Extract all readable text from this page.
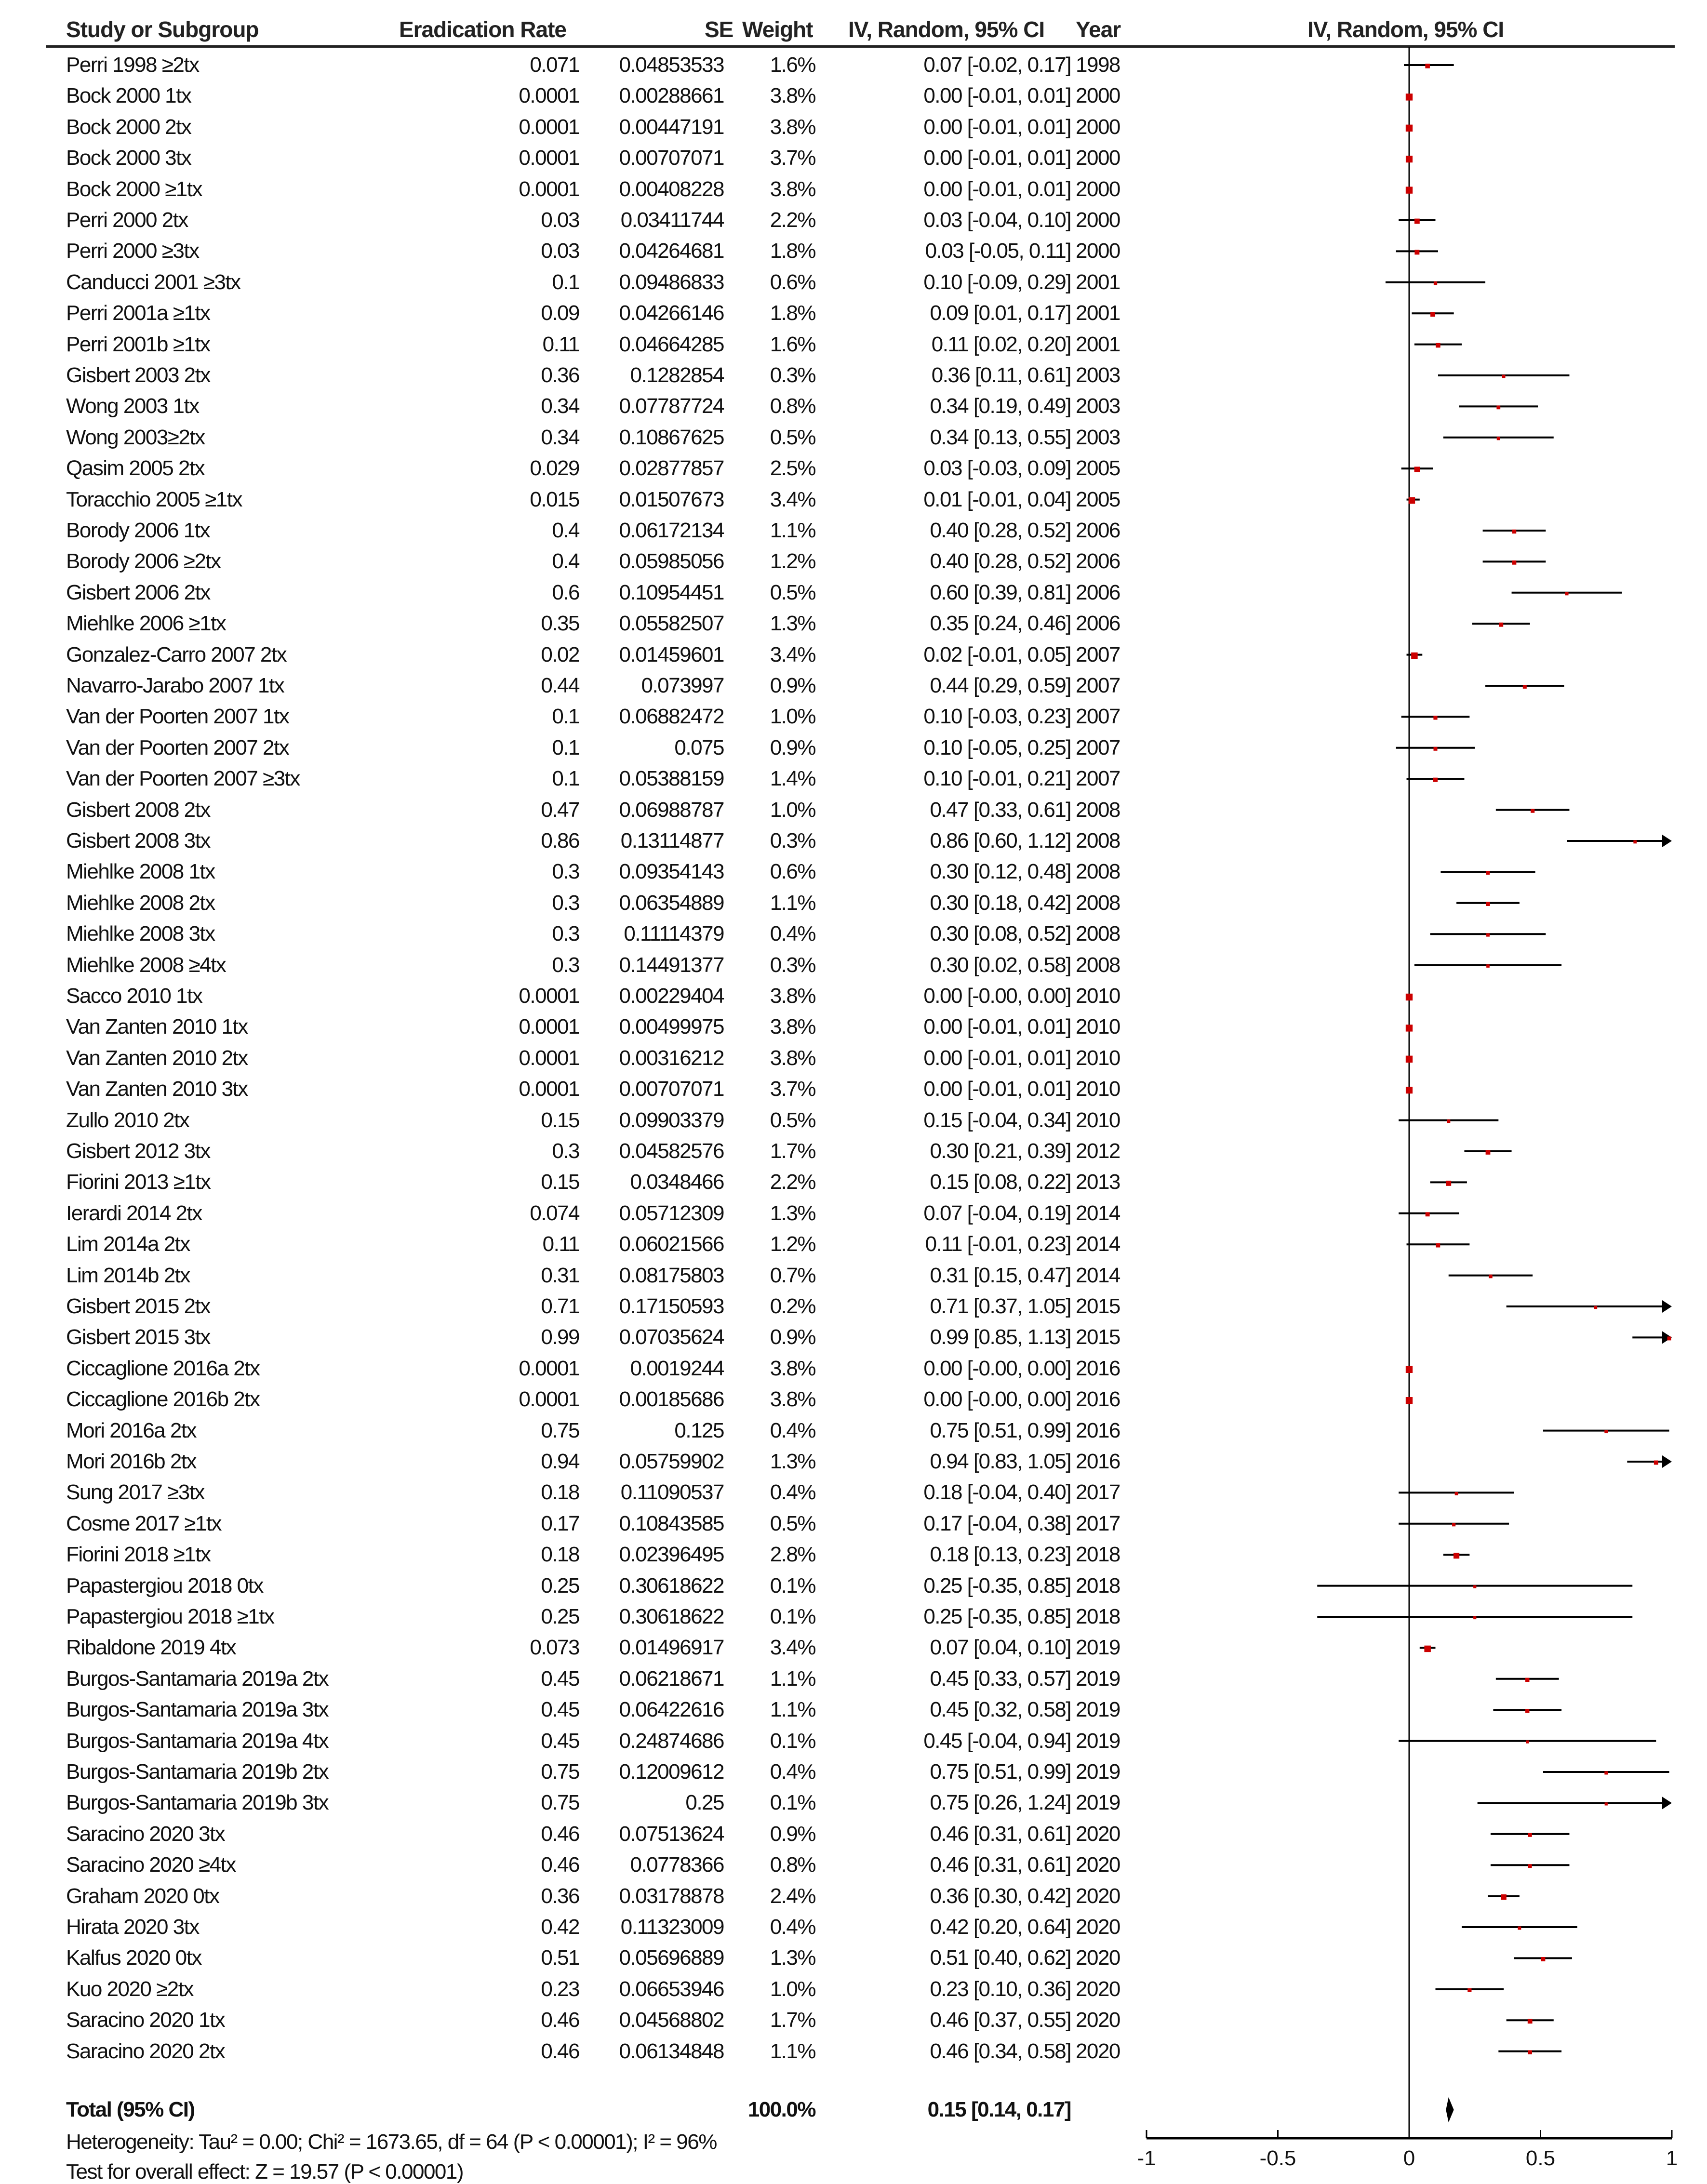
Study or Subgroup	Eradication Rate	SE Weight IV, Random, 95% CI Year	IV, Random, 95% CI
Perri 1998 ≥2tx	0.071 0.04853533 1.6%	0.07 [-0.02, 0.17] 1998
Bock 2000 1tx	0.0001 0.00288661 3.8%	0.00 [-0.01, 0.01] 2000
Bock 2000 2tx	0.0001 0.00447191 3.8%	0.00 [-0.01, 0.01] 2000
Bock 2000 3tx	0.0001 0.00707071 3.7%	0.00 [-0.01, 0.01] 2000
Bock 2000 ≥1tx	0.0001 0.00408228 3.8%	0.00 [-0.01, 0.01] 2000
Perri 2000 2tx	0.03 0.03411744 2.2%	0.03 [-0.04, 0.10] 2000
Perri 2000 ≥3tx	0.03 0.04264681 1.8%	0.03 [-0.05, 0.11] 2000
Canducci 2001 ≥3tx	0.1 0.09486833 0.6%	0.10 [-0.09, 0.29] 2001
Perri 2001a ≥1tx	0.09 0.04266146 1.8%	0.09 [0.01, 0.17] 2001
Perri 2001b ≥1tx	0.11 0.04664285 1.6%	0.11 [0.02, 0.20] 2001
Gisbert 2003 2tx	0.36 0.1282854 0.3%	0.36 [0.11, 0.61] 2003
Wong 2003 1tx	0.34 0.07787724 0.8%	0.34 [0.19, 0.49] 2003
Wong 2003≥2tx	0.34 0.10867625 0.5%	0.34 [0.13, 0.55] 2003
Qasim 2005 2tx	0.029 0.02877857 2.5%	0.03 [-0.03, 0.09] 2005
Toracchio 2005 ≥1tx	0.015 0.01507673 3.4%	0.01 [-0.01, 0.04] 2005
Borody 2006 1tx	0.4 0.06172134 1.1%	0.40 [0.28, 0.52] 2006
Borody 2006 ≥2tx	0.4 0.05985056 1.2%	0.40 [0.28, 0.52] 2006
Gisbert 2006 2tx	0.6 0.10954451 0.5%	0.60 [0.39, 0.81] 2006
Miehlke 2006 ≥1tx	0.35 0.05582507 1.3%	0.35 [0.24, 0.46] 2006
Gonzalez-Carro 2007 2tx	0.02 0.01459601 3.4%	0.02 [-0.01, 0.05] 2007
Navarro-Jarabo 2007 1tx	0.44	0.073997 0.9%	0.44 [0.29, 0.59] 2007
Van der Poorten 2007 1tx	0.1 0.06882472 1.0%	0.10 [-0.03, 0.23] 2007
Van der Poorten 2007 2tx	0.1	0.075 0.9%	0.10 [-0.05, 0.25] 2007
Van der Poorten 2007 ≥3tx	0.1 0.05388159 1.4%	0.10 [-0.01, 0.21] 2007
Gisbert 2008 2tx	0.47 0.06988787 1.0%	0.47 [0.33, 0.61] 2008
Gisbert 2008 3tx	0.86 0.13114877 0.3%	0.86 [0.60, 1.12] 2008
Miehlke 2008 1tx	0.3 0.09354143 0.6%	0.30 [0.12, 0.48] 2008
Miehlke 2008 2tx	0.3 0.06354889 1.1%	0.30 [0.18, 0.42] 2008
Miehlke 2008 3tx	0.3 0.11114379 0.4%	0.30 [0.08, 0.52] 2008
Miehlke 2008 ≥4tx	0.3 0.14491377 0.3%	0.30 [0.02, 0.58] 2008
Sacco 2010 1tx	0.0001 0.00229404 3.8%	0.00 [-0.00, 0.00] 2010
Van Zanten 2010 1tx	0.0001 0.00499975 3.8%	0.00 [-0.01, 0.01] 2010
Van Zanten 2010 2tx	0.0001 0.00316212 3.8%	0.00 [-0.01, 0.01] 2010
Van Zanten 2010 3tx	0.0001 0.00707071 3.7%	0.00 [-0.01, 0.01] 2010
Zullo 2010 2tx	0.15 0.09903379 0.5%	0.15 [-0.04, 0.34] 2010
Gisbert 2012 3tx	0.3 0.04582576 1.7%	0.30 [0.21, 0.39] 2012
Fiorini 2013 ≥1tx	0.15 0.0348466 2.2%	0.15 [0.08, 0.22] 2013
Ierardi 2014 2tx	0.074 0.05712309 1.3%	0.07 [-0.04, 0.19] 2014
Lim 2014a 2tx	0.11 0.06021566 1.2%	0.11 [-0.01, 0.23] 2014
Lim 2014b 2tx	0.31 0.08175803 0.7%	0.31 [0.15, 0.47] 2014
Gisbert 2015 2tx	0.71 0.17150593 0.2%	0.71 [0.37, 1.05] 2015
Gisbert 2015 3tx	0.99 0.07035624 0.9%	0.99 [0.85, 1.13] 2015
Ciccaglione 2016a 2tx	0.0001 0.0019244 3.8%	0.00 [-0.00, 0.00] 2016
Ciccaglione 2016b 2tx	0.0001 0.00185686 3.8%	0.00 [-0.00, 0.00] 2016
Mori 2016a 2tx	0.75	0.125 0.4%	0.75 [0.51, 0.99] 2016
Mori 2016b 2tx	0.94 0.05759902 1.3%	0.94 [0.83, 1.05] 2016
Sung 2017 ≥3tx	0.18 0.11090537 0.4%	0.18 [-0.04, 0.40] 2017
Cosme 2017 ≥1tx	0.17 0.10843585 0.5%	0.17 [-0.04, 0.38] 2017
Fiorini 2018 ≥1tx	0.18 0.02396495 2.8%	0.18 [0.13, 0.23] 2018
Papastergiou 2018 0tx	0.25 0.30618622 0.1%	0.25 [-0.35, 0.85] 2018
Papastergiou 2018 ≥1tx	0.25 0.30618622 0.1%	0.25 [-0.35, 0.85] 2018
Ribaldone 2019 4tx	0.073 0.01496917 3.4%	0.07 [0.04, 0.10] 2019
Burgos-Santamaria 2019a 2tx	0.45 0.06218671 1.1%	0.45 [0.33, 0.57] 2019
Burgos-Santamaria 2019a 3tx	0.45 0.06422616 1.1%	0.45 [0.32, 0.58] 2019
Burgos-Santamaria 2019a 4tx	0.45 0.24874686 0.1%	0.45 [-0.04, 0.94] 2019
Burgos-Santamaria 2019b 2tx	0.75 0.12009612 0.4%	0.75 [0.51, 0.99] 2019
Burgos-Santamaria 2019b 3tx	0.75	0.25 0.1%	0.75 [0.26, 1.24] 2019
Saracino 2020 3tx	0.46 0.07513624 0.9%	0.46 [0.31, 0.61] 2020
Saracino 2020 ≥4tx	0.46 0.0778366 0.8%	0.46 [0.31, 0.61] 2020
Graham 2020 0tx	0.36 0.03178878 2.4%	0.36 [0.30, 0.42] 2020
Hirata 2020 3tx	0.42 0.11323009 0.4%	0.42 [0.20, 0.64] 2020
Kalfus 2020 0tx	0.51 0.05696889 1.3%	0.51 [0.40, 0.62] 2020
Kuo 2020 ≥2tx	0.23 0.06653946 1.0%	0.23 [0.10, 0.36] 2020
Saracino 2020 1tx	0.46 0.04568802 1.7%	0.46 [0.37, 0.55] 2020
Saracino 2020 2tx	0.46 0.06134848 1.1%	0.46 [0.34, 0.58] 2020
Total (95% CI)	100.0%	0.15 [0.14, 0.17]
Heterogeneity: Tau² = 0.00; Chi² = 1673.65, df = 64 (P < 0.00001); I² = 96%
Test for overall effect: Z = 19.57 (P < 0.00001)
-1	-0.5	0	0.5	1
